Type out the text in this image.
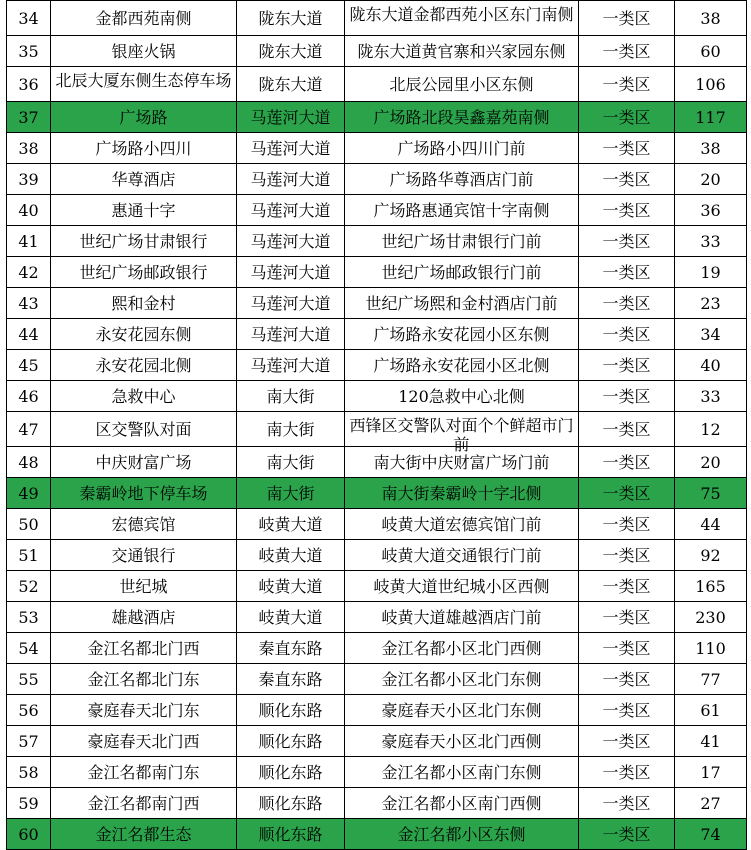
34	金都西苑南侧	陇东大道	陇东大道金都西苑小区东门南侧	一类区	38
35	银座火锅	陇东大道	陇东大道黄官寨和兴家园东侧	一类区	60
36	北辰大厦东侧生态停车场	陇东大道	北辰公园里小区东侧	一类区	106
37	广场路	马莲河大道	广场路北段昊鑫嘉苑南侧	一类区	117
38	广场路小四川	马莲河大道	广场路小四川门前	一类区	38
39	华尊酒店	马莲河大道	广场路华尊酒店门前	一类区	20
40	惠通十字	马莲河大道	广场路惠通宾馆十字南侧	一类区	36
41	世纪广场甘肃银行	马莲河大道	世纪广场甘肃银行门前	一类区	33
42	世纪广场邮政银行	马莲河大道	世纪广场邮政银行门前	一类区	19
43	熙和金村	马莲河大道	世纪广场熙和金村酒店门前	一类区	23
44	永安花园东侧	马莲河大道	广场路永安花园小区东侧	一类区	34
45	永安花园北侧	马莲河大道	广场路永安花园小区北侧	一类区	40
46	急救中心	南大街	120急救中心北侧	一类区	33
47	区交警队对面	南大街	西锋区交警队对面个个鲜超市门前	一类区	12
48	中庆财富广场	南大街	南大街中庆财富广场门前	一类区	20
49	秦霸岭地下停车场	南大街	南大街秦霸岭十字北侧	一类区	75
50	宏德宾馆	岐黄大道	岐黄大道宏德宾馆门前	一类区	44
51	交通银行	岐黄大道	岐黄大道交通银行门前	一类区	92
52	世纪城	岐黄大道	岐黄大道世纪城小区西侧	一类区	165
53	雄越酒店	岐黄大道	岐黄大道雄越酒店门前	一类区	230
54	金江名都北门西	秦直东路	金江名都小区北门西侧	一类区	110
55	金江名都北门东	秦直东路	金江名都小区北门东侧	一类区	77
56	豪庭春天北门东	顺化东路	豪庭春天小区北门东侧	一类区	61
57	豪庭春天北门西	顺化东路	豪庭春天小区北门西侧	一类区	41
58	金江名都南门东	顺化东路	金江名都小区南门东侧	一类区	17
59	金江名都南门西	顺化东路	金江名都小区南门西侧	一类区	27
60	金江名都生态	顺化东路	金江名都小区东侧	一类区	74
